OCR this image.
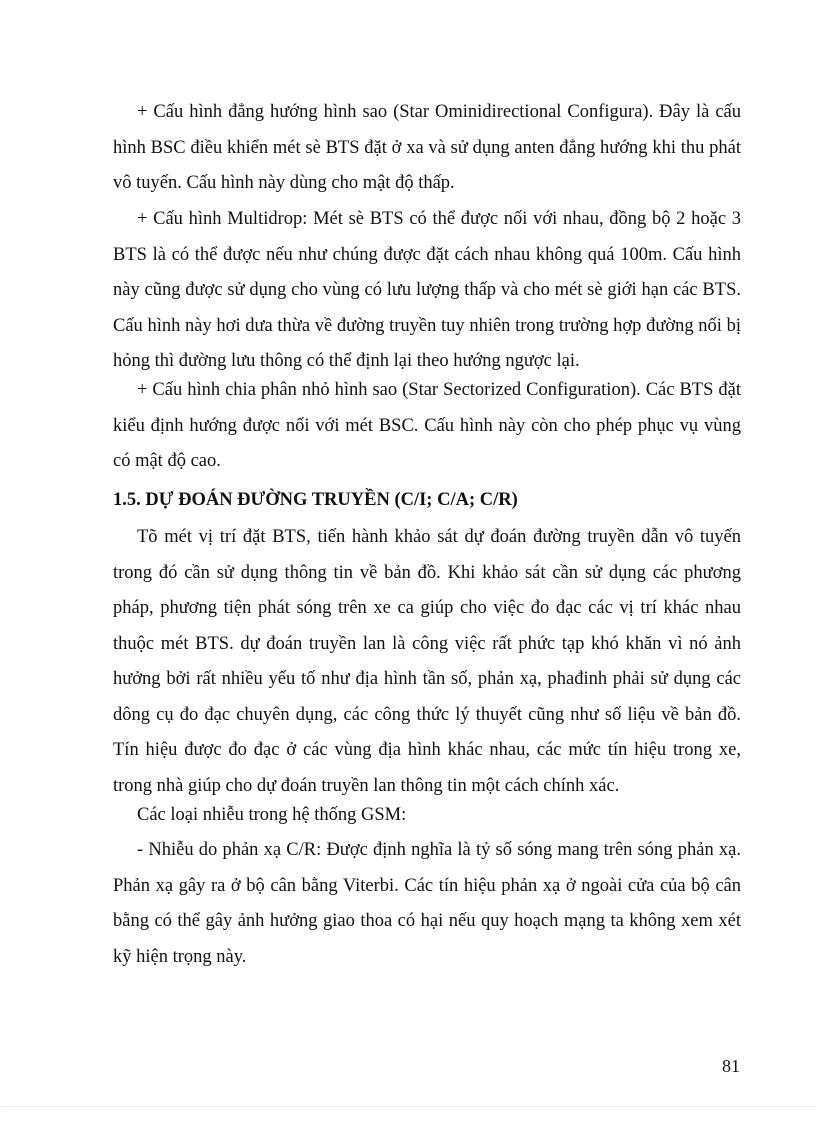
+ Cấu hình đẳng hướng hình sao (Star Ominidirectional Configura). Đây là cấu hình BSC điều khiển mét sè BTS đặt ở xa và sử dụng anten đẳng hướng khi thu phát vô tuyến. Cấu hình này dùng cho mật độ thấp.

+ Cấu hình Multidrop: Mét sè BTS có thể được nối với nhau, đồng bộ 2 hoặc 3 BTS là có thể được nếu như chúng được đặt cách nhau không quá 100m. Cấu hình này cũng được sử dụng cho vùng có lưu lượng thấp và cho mét sè giới hạn các BTS. Cấu hình này hơi dưa thừa về đường truyền tuy nhiên trong trường hợp đường nối bị hỏng thì đường lưu thông có thể định lại theo hướng ngược lại.

+ Cấu hình chia phân nhỏ hình sao (Star Sectorized Configuration). Các BTS đặt kiểu định hướng được nối với mét BSC. Cấu hình này còn cho phép phục vụ vùng có mật độ cao.

1.5. DỰ ĐOÁN ĐƯỜNG TRUYỀN (C/I; C/A; C/R)

Tõ mét vị trí đặt BTS, tiến hành khảo sát dự đoán đường truyền dẫn vô tuyến trong đó cần sử dụng thông tin về bản đồ. Khi khảo sát cần sử dụng các phương pháp, phương tiện phát sóng trên xe ca giúp cho việc đo đạc các vị trí khác nhau thuộc mét BTS. dự đoán truyền lan là công việc rất phức tạp khó khăn vì nó ảnh hưởng bởi rất nhiều yếu tố như địa hình tần số, phản xạ, phađinh phải sử dụng các dông cụ đo đạc chuyên dụng, các công thức lý thuyết cũng như số liệu về bản đồ. Tín hiệu được đo đạc ở các vùng địa hình khác nhau, các mức tín hiệu trong xe, trong nhà giúp cho dự đoán truyền lan thông tin một cách chính xác.

Các loại nhiễu trong hệ thống GSM:

- Nhiễu do phản xạ C/R: Được định nghĩa là tỷ số sóng mang trên sóng phản xạ. Phản xạ gây ra ở bộ cân bằng Viterbi. Các tín hiệu phản xạ ở ngoài cửa của bộ cân bằng có thể gây ảnh hưởng giao thoa có hại nếu quy hoạch mạng ta không xem xét kỹ hiện trọng này.

81
